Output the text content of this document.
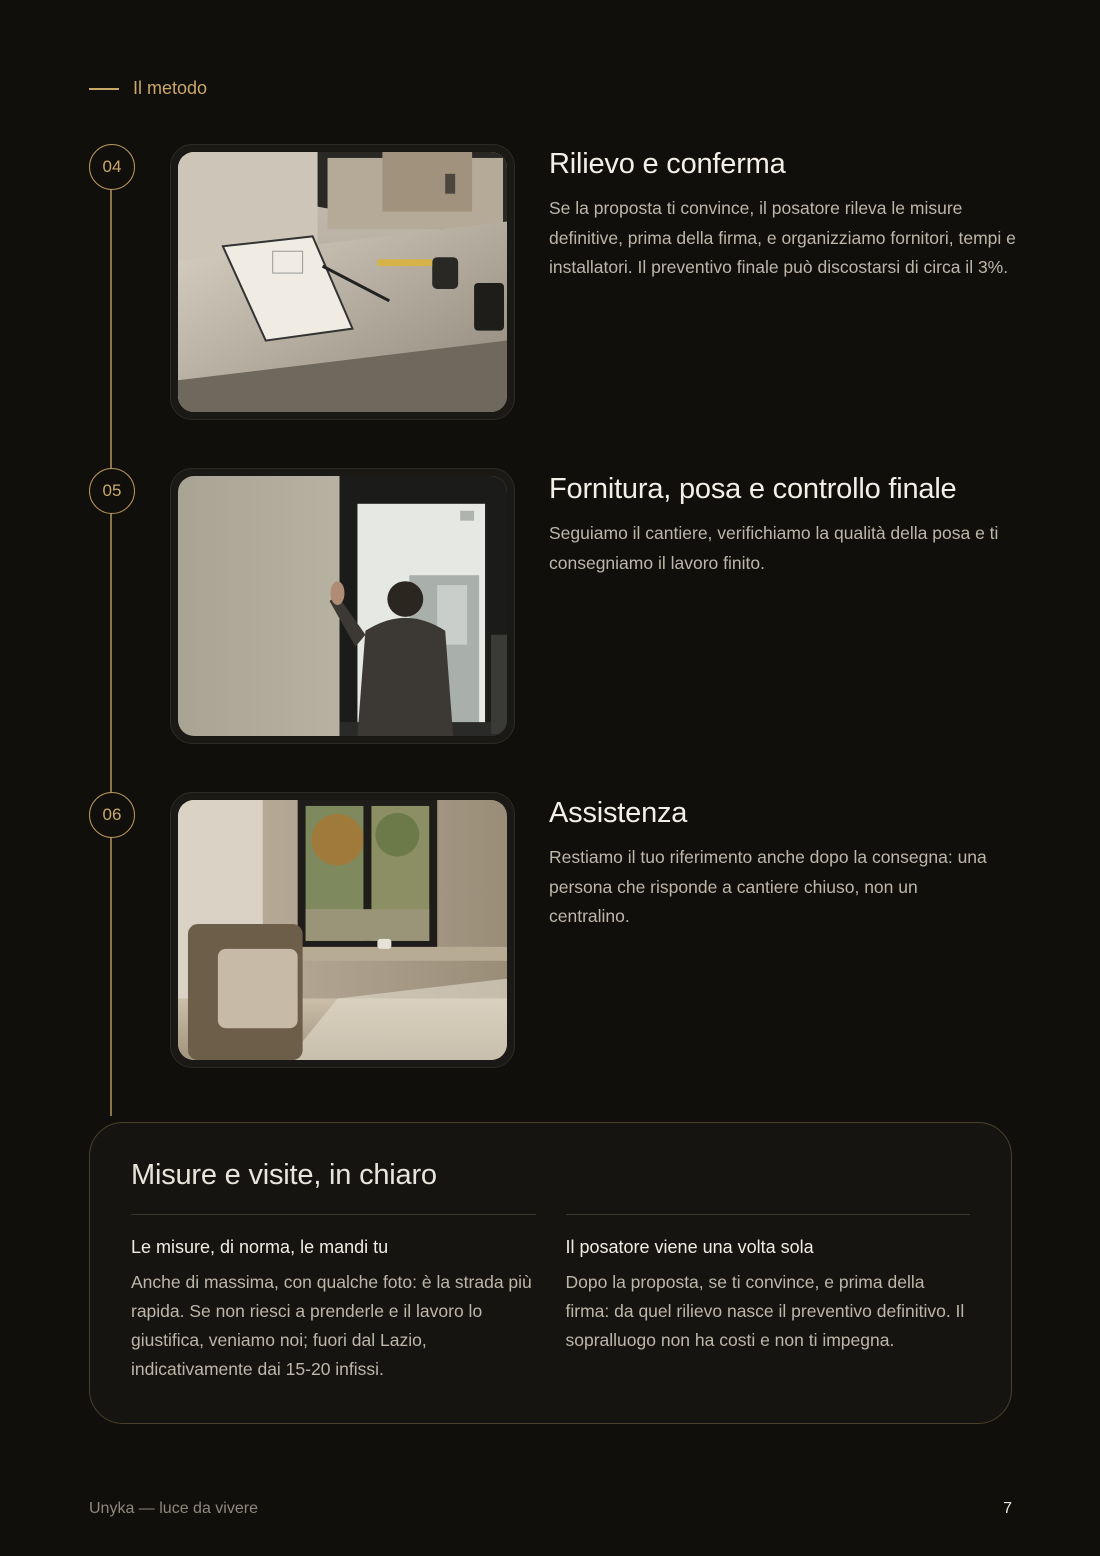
Il metodo
04	Rilievo e conferma

Se la proposta ti convince, il posatore rileva le misure definitive, prima della firma, e organizziamo fornitori, tempi e installatori. Il preventivo finale può discostarsi di circa il 3%.

05	Fornitura, posa e controllo finale

Seguiamo il cantiere, verifichiamo la qualità della posa e ti consegniamo il lavoro finito.

06	Assistenza

Restiamo il tuo riferimento anche dopo la consegna: una persona che risponde a cantiere chiuso, non un centralino.

Misure e visite, in chiaro
Le misure, di norma, le mandi tu

Anche di massima, con qualche foto: è la strada più rapida. Se non riesci a prenderle e il lavoro lo giustifica, veniamo noi; fuori dal Lazio, indicativamente dai 15-20 infissi.

Il posatore viene una volta sola

Dopo la proposta, se ti convince, e prima della firma: da quel rilievo nasce il preventivo definitivo. Il sopralluogo non ha costi e non ti impegna.

Unyka — luce da vivere	7
